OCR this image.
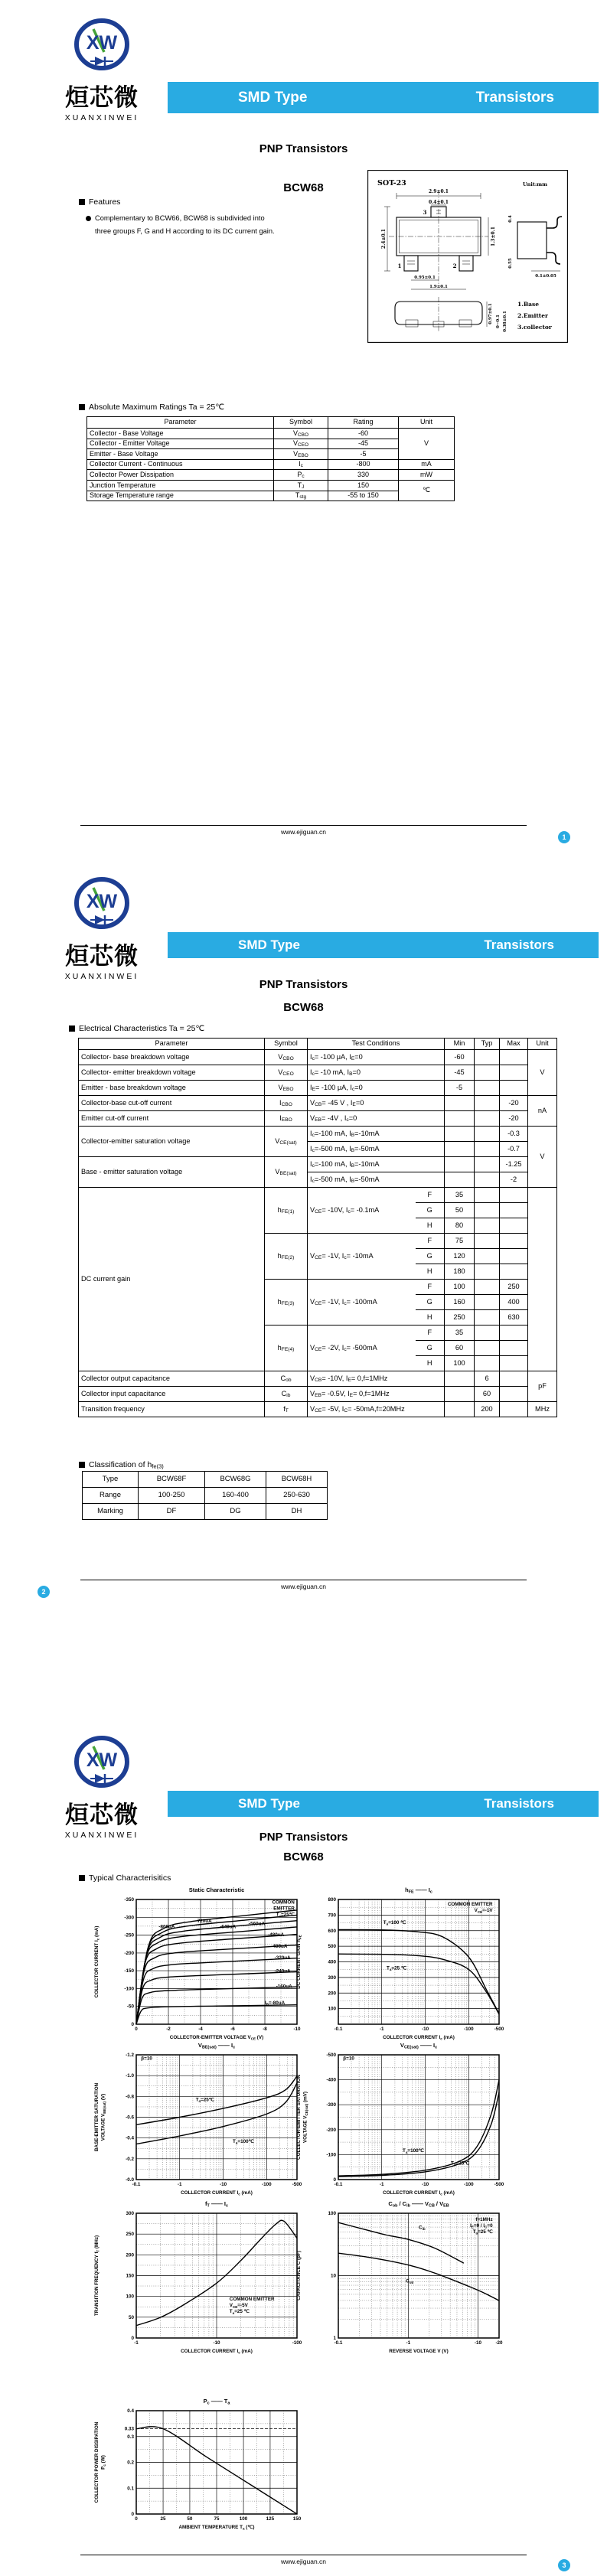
XW
烜芯微
XUANXINWEI
SMD Type	Transistors
PNP Transistors
BCW68
Features
Complementary to BCW66, BCW68 is subdivided into
three groups F, G and H according to its DC current gain.
SOT-23	Unit:mm
2.9±0.1
0.4±0.1
3
1	2
2.4±0.1	1.3±0.1
0.95±0.1
1.9±0.1
0.4
0.55
0.1±0.05
0.97±0.1 0~0.1 0.38±0.1
1.Base
2.Emitter
3.collector
Absolute Maximum Ratings Ta = 25℃
Parameter	Symbol	Rating	Unit
Collector - Base Voltage	$V_{CBO}$	-60	V
Collector - Emitter Voltage	$V_{CEO}$	-45	
Emitter - Base Voltage	$V_{EBO}$	-5	
Collector Current - Continuous	$I_c$	-800	mA
Collector Power Dissipation	$P_c$	330	mW
Junction Temperature	$T_J$	150	℃
Storage Temperature range	$T_{stg}$	-55 to 150	
www.ejiguan.cn
1
XW
烜芯微
XUANXINWEI
SMD Type	Transistors
PNP Transistors
BCW68
Electrical Characteristics Ta = 25℃
Parameter	Symbol	Test Conditions		Min	Typ	Max	Unit
Collector- base breakdown voltage	$V_{CBO}$	$I_c= -100$ μA, $I_E=0$		-60			V
Collector- emitter breakdown voltage	$V_{CEO}$	$I_c= -10$ mA, $I_B=0$		-45			
Emitter - base breakdown voltage	$V_{EBO}$	$I_E= -100$ μA, $I_c=0$		-5			
Collector-base cut-off current	$I_{CBO}$	$V_{CB}= -45$ V , $I_E=0$				-20	nA
Emitter cut-off current	$I_{EBO}$	$V_{EB}= -4V$ , $I_c=0$				-20	
Collector-emitter saturation voltage	$V_{CE(sat)}$	$I_c=-100$ mA, $I_B=-10mA$				-0.3	V
		$I_c=-500$ mA, $I_B=-50mA$				-0.7	
Base - emitter saturation voltage	$V_{BE(sat)}$	$I_c=-100$ mA, $I_B=-10mA$				-1.25	
		$I_c=-500$ mA, $I_B=-50mA$				-2	
DC current gain	$h_{FE(1)}$	$V_{CE}= -10V$, $I_c= -0.1mA$	F	35			
			G	50			
			H	80			
	$h_{FE(2)}$	$V_{CE}= -1V$, $I_c= -10mA$	F	75			
			G	120			
			H	180			
	$h_{FE(3)}$	$V_{CE}= -1V$, $I_c= -100mA$	F	100		250	
			G	160		400	
			H	250		630	
	$h_{FE(4)}$	$V_{CE}= -2V$, $I_c= -500mA$	F	35			
			G	60			
			H	100			
Collector output capacitance	$C_{ob}$	$V_{CB}= -10V$, $I_E= 0,f=1MHz$			6		pF
Collector input capacitance	$C_{ib}$	$V_{EB}= -0.5V$, $I_E= 0,f=1MHz$			60		
Transition frequency	$f_T$	$V_{CE}= -5V$, $I_C= -50mA,f=20MHz$			200		MHz
Classification of $h_{fe(3)}$
Type	BCW68F	BCW68G	BCW68H
Range	100-250	160-400	250-630
Marking	DF	DG	DH
www.ejiguan.cn
2
XW
烜芯微
XUANXINWEI
SMD Type	Transistors
PNP Transistors
BCW68
Typical Characterisitics
0	-2	-4	-6	-8	-10
0
-50
-100
-150
-200
-250
-300
-350
-800uA
-720uA
-640uA
-560uA
-480uA
-400uA
-320uA
-240uA
-160uA
$I_B=-80uA$
COMMON
EMITTER
$T_a=25℃$
Static Characteristic
COLLECTOR-EMITTER VOLTAGE $V_{CE}$ (V)
COLLECTOR CURRENT $I_c$ (mA)
-0.1	-1	-10	-100	-500
100
200
300
400
500
600
700
800
$T_a=100$ ℃
$T_a=25$ ℃
COMMON EMITTER
$V_{CE}=-1V$
$h_{FE}$ —— $I_c$
COLLECTOR CURRENT $I_c$ (mA)
DC CURRENT GAIN $h_{FE}$
-0.1	-1	-10	-100	-500
-0.0
-0.2
-0.4
-0.6
-0.8
-1.0
-1.2
$T_a=25℃$
$T_a=100℃$
β=10
$V_{BE(sat)}$ —— $I_c$
COLLECTOR CURRENT $I_c$ (mA)
BASE-EMITTER SATURATION VOLTAGE $V_{BE(sat)}$ (V)
-0.1	-1	-10	-100	-500
0
-100
-200
-300
-400
-500
$T_a=100℃$
$T_a=25℃$
β=10
$V_{CE(sat)}$ —— $I_c$
COLLECTOR CURRENT $I_c$ (mA)
COLLECTOR-EMITTER SATURATION VOLTAGE $V_{CE(sat)}$ (mV)
-1	-10	-100
0
50
100
150
200
250
300
COMMON EMITTER
$V_{CE}=-5V$
$T_a=25$ ℃
$f_T$ —— $I_c$
COLLECTOR CURRENT $I_c$ (mA)
TRANSITION FREQUENCY $f_T$ (MHz)
-0.1	-1	-10	-20
1
10
100
$C_{ib}$
$C_{ob}$
f=1MHz
$I_E=0 / I_C=0$
$T_a=25$ ℃
$C_{ob} / C_{ib}$ —— $V_{CB} / V_{EB}$
REVERSE VOLTAGE V (V)
CAPACITANCE C (pF)
0	25	50	75	100	125	150
0
0.1
0.2
0.3
0.33
0.4
$P_c$ —— $T_a$
AMBIENT TEMPERATURE $T_a$ (℃)
COLLECTOR POWER DISSIPATION $P_c$ (W)
www.ejiguan.cn	3
